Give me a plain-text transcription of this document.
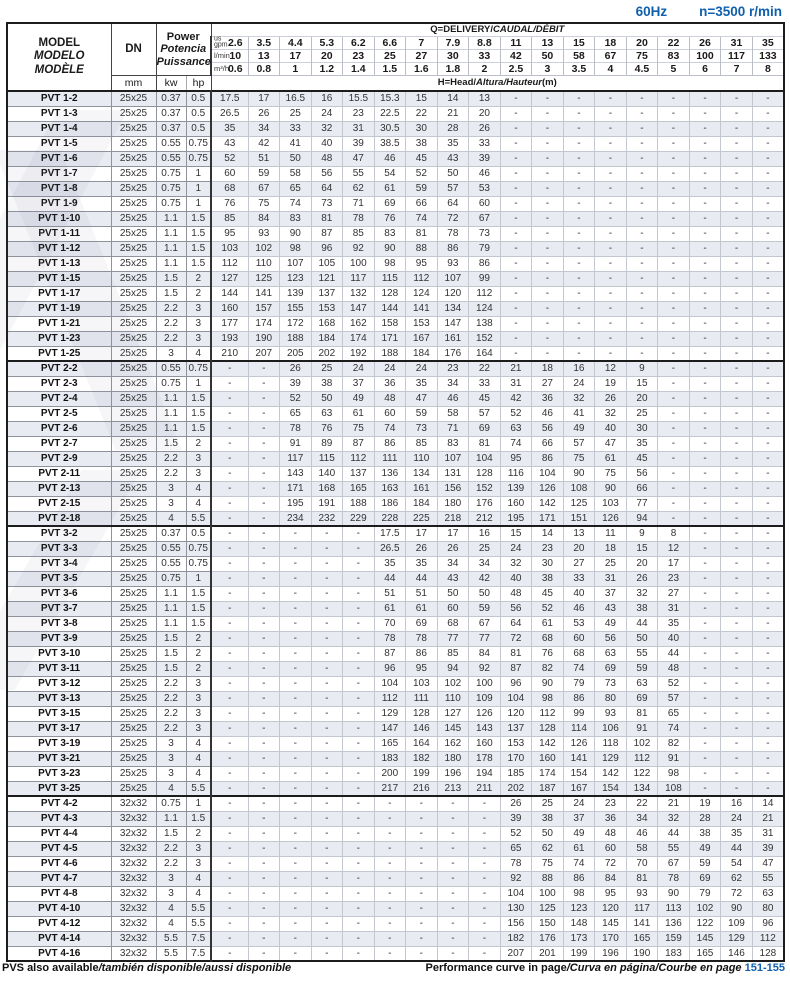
60Hz n=3500 r/min
MODEL
MODELO
MODÈLE
	DN	
Power
Potencia
Puissance
	Q=DELIVERY/CAUDAL/DÉBIT

				us
gpm 2.6	3.5	4.4	5.3	6.2	6.6	7	7.9	8.8	11	13	15	18	20	22	26	31	35

				l/min 10	13	17	20	23	25	27	30	33	42	50	58	67	75	83	100	117	133

				m³/h
0.6	0.8	1	1.2	1.4	1.5	1.6	1.8	2	2.5	3	3.5	4	4.5	5	6	7	8
	mm	kw	hp	H=Head/Altura/Hauteur(m)																	
PVT 1-2	25x25	0.37	0.5	17.5	17	16.5	16	15.5	15.3	15	14	13	-	-	-	-	-	-	-	-	-
PVT 1-3	25x25	0.37	0.5	26.5	26	25	24	23	22.5	22	21	20	-	-	-	-	-	-	-	-	-
PVT 1-4	25x25	0.37	0.5	35	34	33	32	31	30.5	30	28	26	-	-	-	-	-	-	-	-	-
PVT 1-5	25x25	0.55	0.75	43	42	41	40	39	38.5	38	35	33	-	-	-	-	-	-	-	-	-
PVT 1-6	25x25	0.55	0.75	52	51	50	48	47	46	45	43	39	-	-	-	-	-	-	-	-	-
PVT 1-7	25x25	0.75	1	60	59	58	56	55	54	52	50	46	-	-	-	-	-	-	-	-	-
PVT 1-8	25x25	0.75	1	68	67	65	64	62	61	59	57	53	-	-	-	-	-	-	-	-	-
PVT 1-9	25x25	0.75	1	76	75	74	73	71	69	66	64	60	-	-	-	-	-	-	-	-	-
PVT 1-10	25x25	1.1	1.5	85	84	83	81	78	76	74	72	67	-	-	-	-	-	-	-	-	-
PVT 1-11	25x25	1.1	1.5	95	93	90	87	85	83	81	78	73	-	-	-	-	-	-	-	-	-
PVT 1-12	25x25	1.1	1.5	103	102	98	96	92	90	88	86	79	-	-	-	-	-	-	-	-	-
PVT 1-13	25x25	1.1	1.5	112	110	107	105	100	98	95	93	86	-	-	-	-	-	-	-	-	-
PVT 1-15	25x25	1.5	2	127	125	123	121	117	115	112	107	99	-	-	-	-	-	-	-	-	-
PVT 1-17	25x25	1.5	2	144	141	139	137	132	128	124	120	112	-	-	-	-	-	-	-	-	-
PVT 1-19	25x25	2.2	3	160	157	155	153	147	144	141	134	124	-	-	-	-	-	-	-	-	-
PVT 1-21	25x25	2.2	3	177	174	172	168	162	158	153	147	138	-	-	-	-	-	-	-	-	-
PVT 1-23	25x25	2.2	3	193	190	188	184	174	171	167	161	152	-	-	-	-	-	-	-	-	-
PVT 1-25	25x25	3	4	210	207	205	202	192	188	184	176	164	-	-	-	-	-	-	-	-	-
PVT 2-2	25x25	0.55	0.75	-	-	26	25	24	24	24	23	22	21	18	16	12	9	-	-	-	-
PVT 2-3	25x25	0.75	1	-	-	39	38	37	36	35	34	33	31	27	24	19	15	-	-	-	-
PVT 2-4	25x25	1.1	1.5	-	-	52	50	49	48	47	46	45	42	36	32	26	20	-	-	-	-
PVT 2-5	25x25	1.1	1.5	-	-	65	63	61	60	59	58	57	52	46	41	32	25	-	-	-	-
PVT 2-6	25x25	1.1	1.5	-	-	78	76	75	74	73	71	69	63	56	49	40	30	-	-	-	-
PVT 2-7	25x25	1.5	2	-	-	91	89	87	86	85	83	81	74	66	57	47	35	-	-	-	-
PVT 2-9	25x25	2.2	3	-	-	117	115	112	111	110	107	104	95	86	75	61	45	-	-	-	-
PVT 2-11	25x25	2.2	3	-	-	143	140	137	136	134	131	128	116	104	90	75	56	-	-	-	-
PVT 2-13	25x25	3	4	-	-	171	168	165	163	161	156	152	139	126	108	90	66	-	-	-	-
PVT 2-15	25x25	3	4	-	-	195	191	188	186	184	180	176	160	142	125	103	77	-	-	-	-
PVT 2-18	25x25	4	5.5	-	-	234	232	229	228	225	218	212	195	171	151	126	94	-	-	-	-
PVT 3-2	25x25	0.37	0.5	-	-	-	-	-	17.5	17	17	16	15	14	13	11	9	8	-	-	-
PVT 3-3	25x25	0.55	0.75	-	-	-	-	-	26.5	26	26	25	24	23	20	18	15	12	-	-	-
PVT 3-4	25x25	0.55	0.75	-	-	-	-	-	35	35	34	34	32	30	27	25	20	17	-	-	-
PVT 3-5	25x25	0.75	1	-	-	-	-	-	44	44	43	42	40	38	33	31	26	23	-	-	-
PVT 3-6	25x25	1.1	1.5	-	-	-	-	-	51	51	50	50	48	45	40	37	32	27	-	-	-
PVT 3-7	25x25	1.1	1.5	-	-	-	-	-	61	61	60	59	56	52	46	43	38	31	-	-	-
PVT 3-8	25x25	1.1	1.5	-	-	-	-	-	70	69	68	67	64	61	53	49	44	35	-	-	-
PVT 3-9	25x25	1.5	2	-	-	-	-	-	78	78	77	77	72	68	60	56	50	40	-	-	-
PVT 3-10	25x25	1.5	2	-	-	-	-	-	87	86	85	84	81	76	68	63	55	44	-	-	-
PVT 3-11	25x25	1.5	2	-	-	-	-	-	96	95	94	92	87	82	74	69	59	48	-	-	-
PVT 3-12	25x25	2.2	3	-	-	-	-	-	104	103	102	100	96	90	79	73	63	52	-	-	-
PVT 3-13	25x25	2.2	3	-	-	-	-	-	112	111	110	109	104	98	86	80	69	57	-	-	-
PVT 3-15	25x25	2.2	3	-	-	-	-	-	129	128	127	126	120	112	99	93	81	65	-	-	-
PVT 3-17	25x25	2.2	3	-	-	-	-	-	147	146	145	143	137	128	114	106	91	74	-	-	-
PVT 3-19	25x25	3	4	-	-	-	-	-	165	164	162	160	153	142	126	118	102	82	-	-	-
PVT 3-21	25x25	3	4	-	-	-	-	-	183	182	180	178	170	160	141	129	112	91	-	-	-
PVT 3-23	25x25	3	4	-	-	-	-	-	200	199	196	194	185	174	154	142	122	98	-	-	-
PVT 3-25	25x25	4	5.5	-	-	-	-	-	217	216	213	211	202	187	167	154	134	108	-	-	-
PVT 4-2	32x32	0.75	1	-	-	-	-	-	-	-	-	-	26	25	24	23	22	21	19	16	14
PVT 4-3	32x32	1.1	1.5	-	-	-	-	-	-	-	-	-	39	38	37	36	34	32	28	24	21
PVT 4-4	32x32	1.5	2	-	-	-	-	-	-	-	-	-	52	50	49	48	46	44	38	35	31
PVT 4-5	32x32	2.2	3	-	-	-	-	-	-	-	-	-	65	62	61	60	58	55	49	44	39
PVT 4-6	32x32	2.2	3	-	-	-	-	-	-	-	-	-	78	75	74	72	70	67	59	54	47
PVT 4-7	32x32	3	4	-	-	-	-	-	-	-	-	-	92	88	86	84	81	78	69	62	55
PVT 4-8	32x32	3	4	-	-	-	-	-	-	-	-	-	104	100	98	95	93	90	79	72	63
PVT 4-10	32x32	4	5.5	-	-	-	-	-	-	-	-	-	130	125	123	120	117	113	102	90	80
PVT 4-12	32x32	4	5.5	-	-	-	-	-	-	-	-	-	156	150	148	145	141	136	122	109	96
PVT 4-14	32x32	5.5	7.5	-	-	-	-	-	-	-	-	-	182	176	173	170	165	159	145	129	112
PVT 4-16	32x32	5.5	7.5	-	-	-	-	-	-	-	-	-	207	201	199	196	190	183	165	146	128
PVS also available/también disponible/aussi disponible	Performance curve in page/Curva en página/Courbe en page 151-155
